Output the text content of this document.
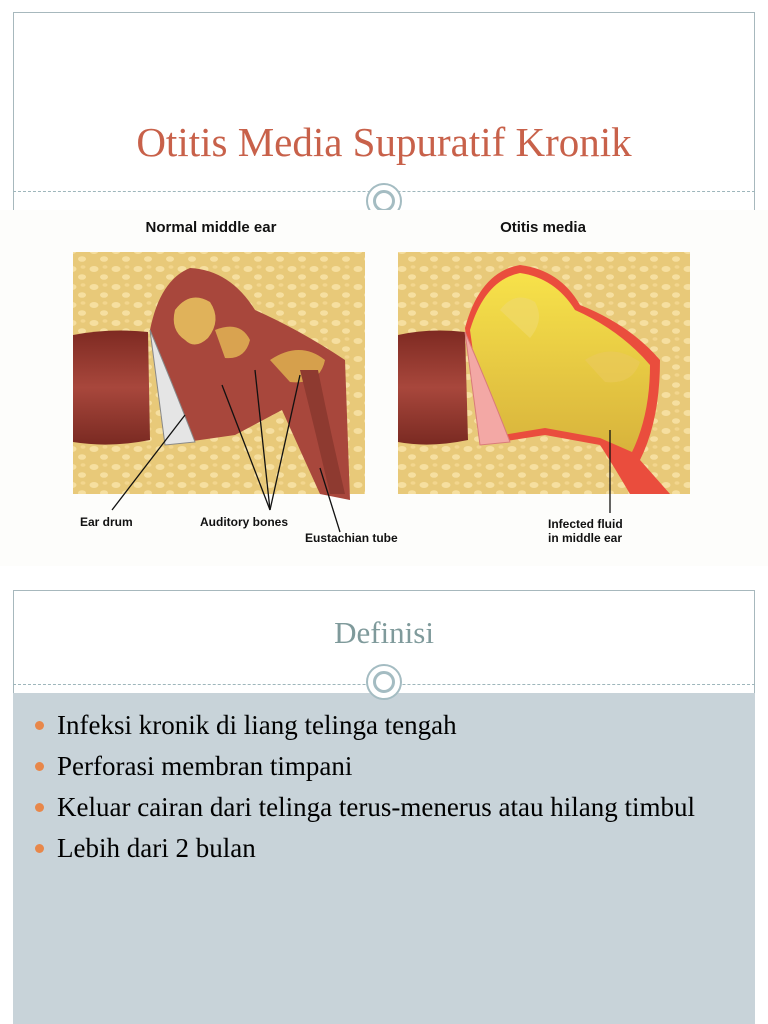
Otitis Media Supuratif Kronik
Normal middle ear	Otitis media
Ear drum	Auditory bones
Eustachian tube
Infected fluid
in middle ear
Definisi
Infeksi kronik di liang telinga tengah
Perforasi membran timpani
Keluar cairan dari telinga terus-menerus atau hilang timbul
Lebih dari 2 bulan
